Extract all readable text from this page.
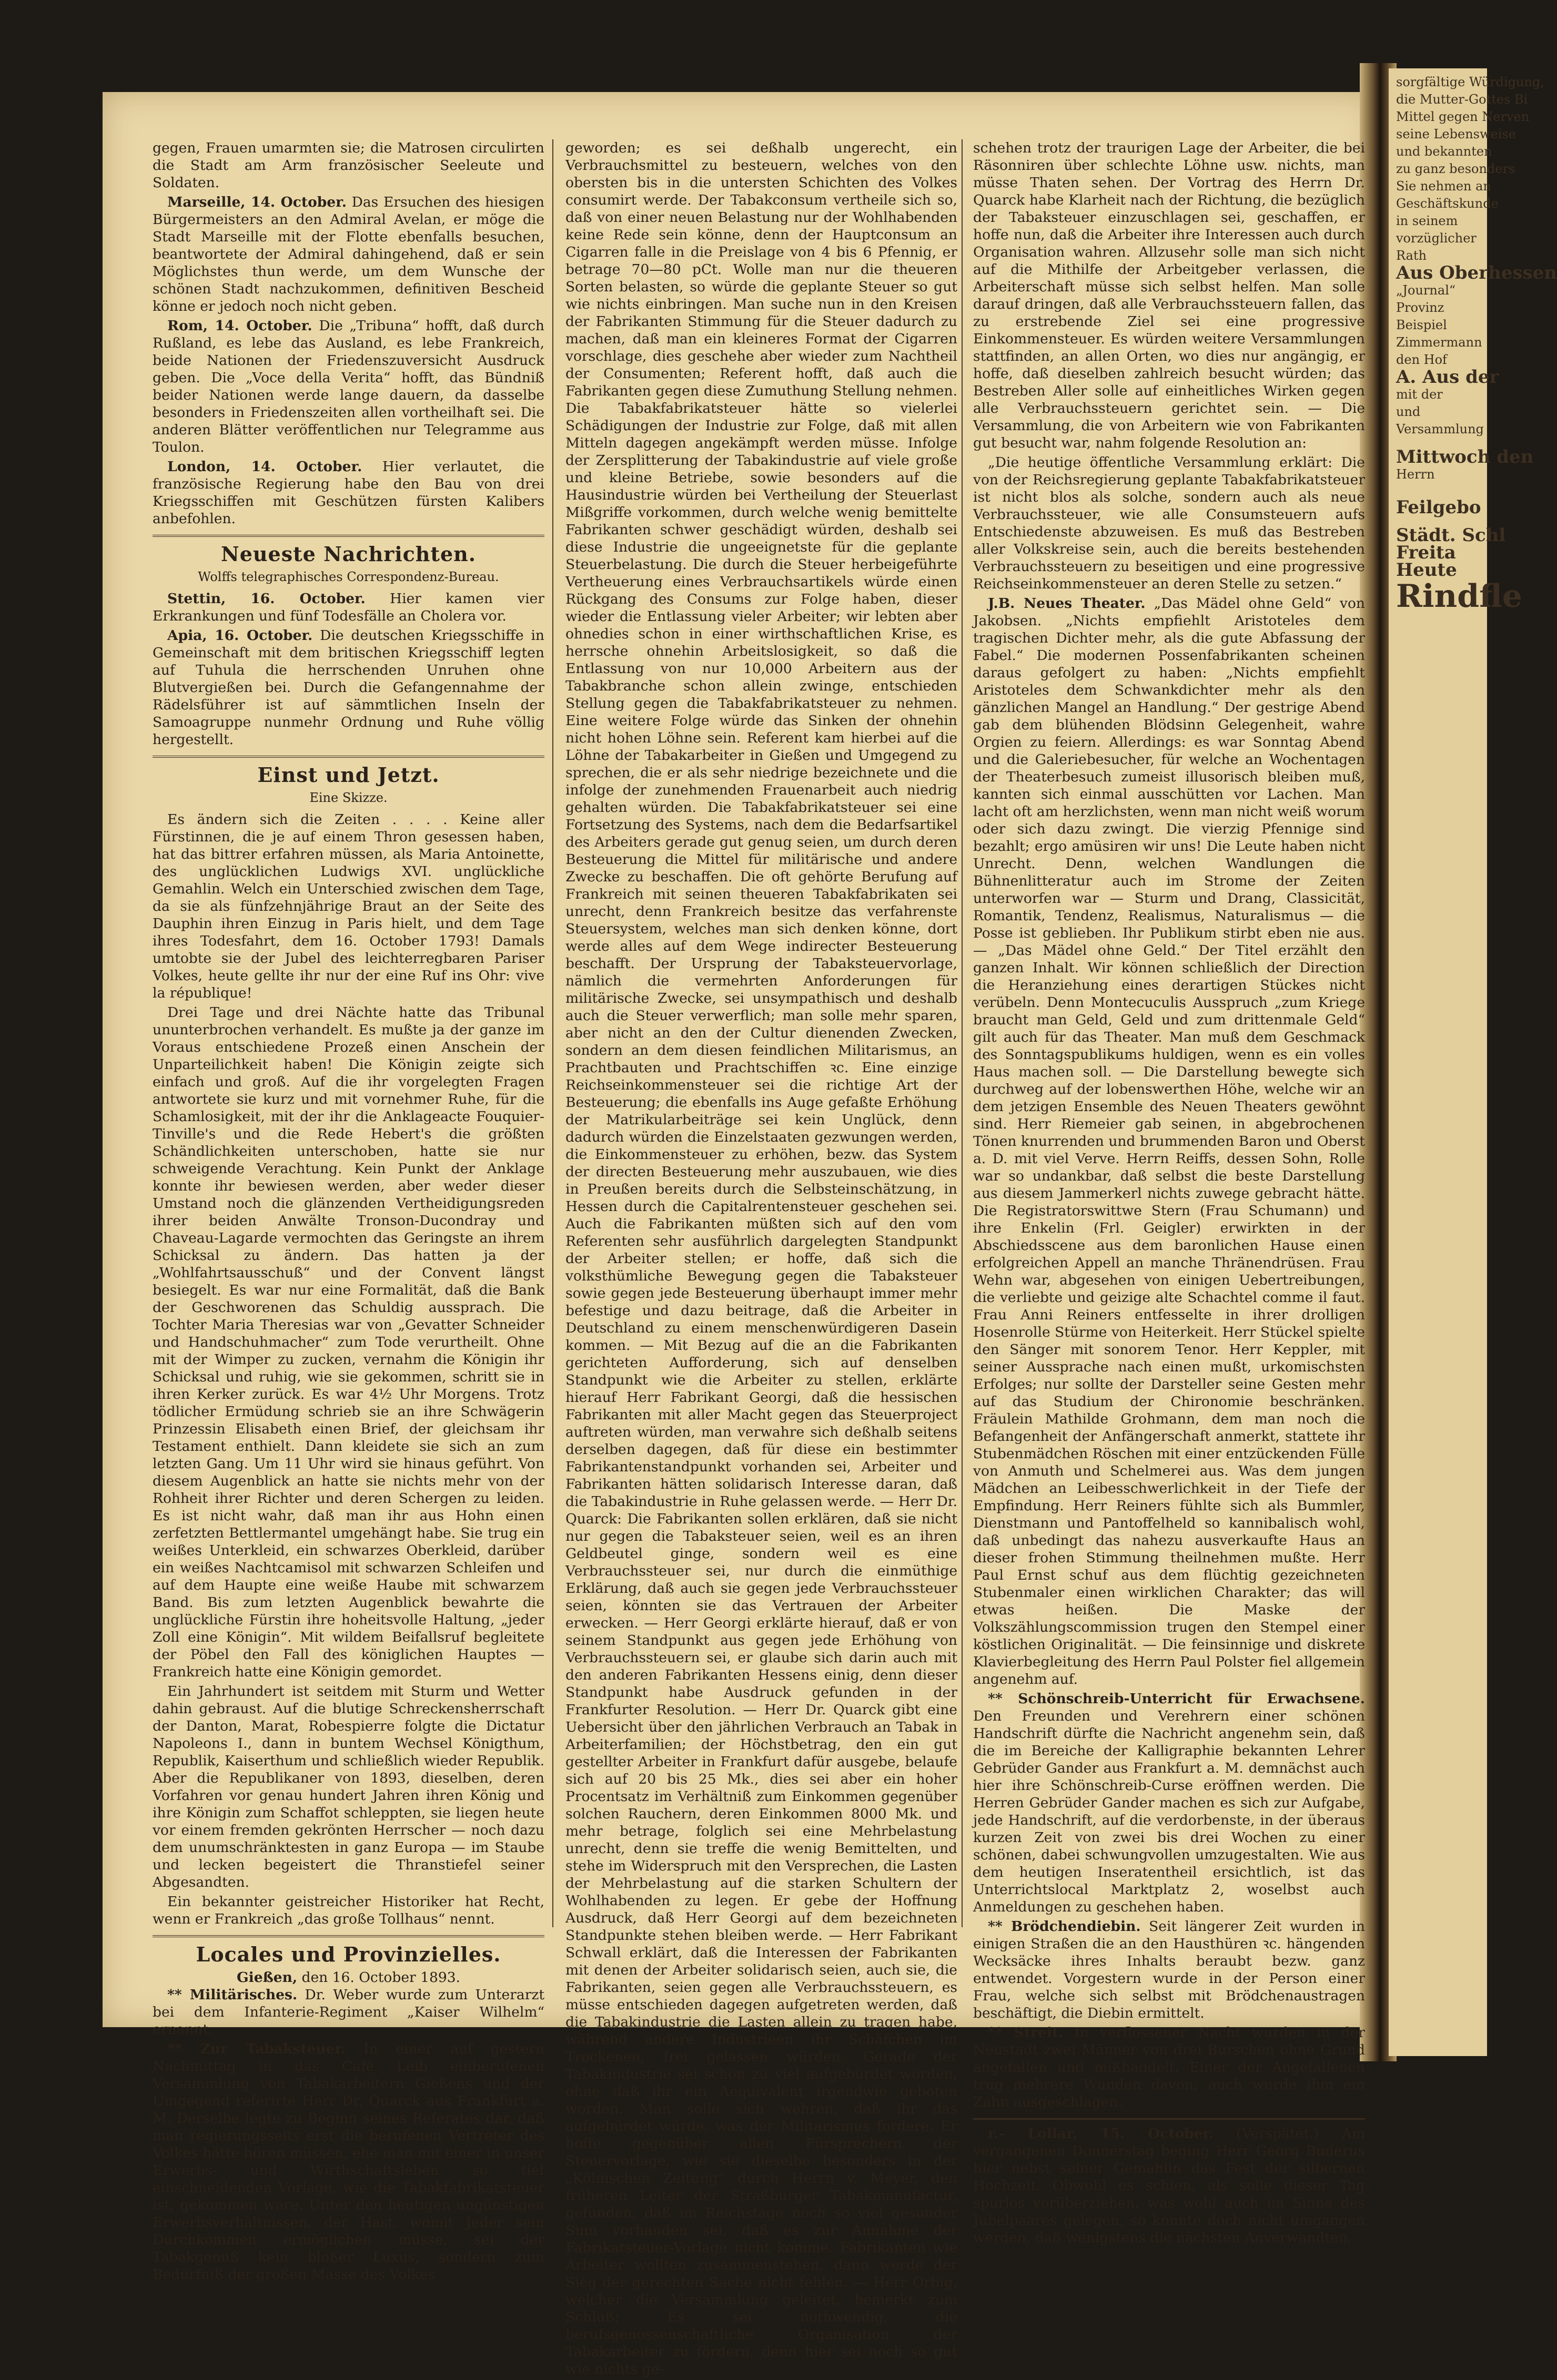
sorgfältige Würdigung,
die Mutter-Gottes Bi
Mittel gegen Nerven
seine Lebensweise
und bekannten
zu ganz besonders
Sie nehmen an
Geschäftskunde
in seinem
vorzüglicher
Rath
Aus Oberhessen
„Journal“
Provinz
Beispiel
Zimmermann
den Hof
A. Aus der
mit der
und
Versammlung
Mittwoch den
Herrn
Feilgebo
Städt. Schl
Freita
Heute
Rindfle

gegen, Frauen umarmten sie; die Matrosen circulirten die Stadt am Arm französischer Seeleute und Soldaten.

Marseille, 14. October. Das Ersuchen des hiesigen Bürgermeisters an den Admiral Avelan, er möge die Stadt Marseille mit der Flotte ebenfalls besuchen, beantwortete der Admiral dahingehend, daß er sein Möglichstes thun werde, um dem Wunsche der schönen Stadt nachzukommen, definitiven Bescheid könne er jedoch noch nicht geben.

Rom, 14. October. Die „Tribuna“ hofft, daß durch Rußland, es lebe das Ausland, es lebe Frankreich, beide Nationen der Friedenszuversicht Ausdruck geben. Die „Voce della Verita“ hofft, das Bündniß beider Nationen werde lange dauern, da dasselbe besonders in Friedenszeiten allen vortheilhaft sei. Die anderen Blätter veröffentlichen nur Telegramme aus Toulon.

London, 14. October. Hier verlautet, die französische Regierung habe den Bau von drei Kriegsschiffen mit Geschützen fürsten Kalibers anbefohlen.

Neueste Nachrichten.
Wolffs telegraphisches Correspondenz-Bureau.

Stettin, 16. October. Hier kamen vier Erkrankungen und fünf Todesfälle an Cholera vor.

Apia, 16. October. Die deutschen Kriegsschiffe in Gemeinschaft mit dem britischen Kriegsschiff legten auf Tuhula die herrschenden Unruhen ohne Blutvergießen bei. Durch die Gefangennahme der Rädelsführer ist auf sämmtlichen Inseln der Samoagruppe nunmehr Ordnung und Ruhe völlig hergestellt.

Einst und Jetzt.
Eine Skizze.

Es ändern sich die Zeiten . . . . Keine aller Fürstinnen, die je auf einem Thron gesessen haben, hat das bittrer erfahren müssen, als Maria Antoinette, des unglücklichen Ludwigs XVI. unglückliche Gemahlin. Welch ein Unterschied zwischen dem Tage, da sie als fünfzehnjährige Braut an der Seite des Dauphin ihren Einzug in Paris hielt, und dem Tage ihres Todesfahrt, dem 16. October 1793! Damals umtobte sie der Jubel des leichterregbaren Pariser Volkes, heute gellte ihr nur der eine Ruf ins Ohr: vive la république!

Drei Tage und drei Nächte hatte das Tribunal ununterbrochen verhandelt. Es mußte ja der ganze im Voraus entschiedene Prozeß einen Anschein der Unparteilichkeit haben! Die Königin zeigte sich einfach und groß. Auf die ihr vorgelegten Fragen antwortete sie kurz und mit vornehmer Ruhe, für die Schamlosigkeit, mit der ihr die Anklageacte Fouquier-Tinville's und die Rede Hebert's die größten Schändlichkeiten unterschoben, hatte sie nur schweigende Verachtung. Kein Punkt der Anklage konnte ihr bewiesen werden, aber weder dieser Umstand noch die glänzenden Vertheidigungsreden ihrer beiden Anwälte Tronson-Ducondray und Chaveau-Lagarde vermochten das Geringste an ihrem Schicksal zu ändern. Das hatten ja der „Wohlfahrtsausschuß“ und der Convent längst besiegelt. Es war nur eine Formalität, daß die Bank der Geschworenen das Schuldig aussprach. Die Tochter Maria Theresias war von „Gevatter Schneider und Handschuhmacher“ zum Tode verurtheilt. Ohne mit der Wimper zu zucken, vernahm die Königin ihr Schicksal und ruhig, wie sie gekommen, schritt sie in ihren Kerker zurück. Es war 4½ Uhr Morgens. Trotz tödlicher Ermüdung schrieb sie an ihre Schwägerin Prinzessin Elisabeth einen Brief, der gleichsam ihr Testament enthielt. Dann kleidete sie sich an zum letzten Gang. Um 11 Uhr wird sie hinaus geführt. Von diesem Augenblick an hatte sie nichts mehr von der Rohheit ihrer Richter und deren Schergen zu leiden. Es ist nicht wahr, daß man ihr aus Hohn einen zerfetzten Bettlermantel umgehängt habe. Sie trug ein weißes Unterkleid, ein schwarzes Oberkleid, darüber ein weißes Nachtcamisol mit schwarzen Schleifen und auf dem Haupte eine weiße Haube mit schwarzem Band. Bis zum letzten Augenblick bewahrte die unglückliche Fürstin ihre hoheitsvolle Haltung, „jeder Zoll eine Königin“. Mit wildem Beifallsruf begleitete der Pöbel den Fall des königlichen Hauptes — Frankreich hatte eine Königin gemordet.

Ein Jahrhundert ist seitdem mit Sturm und Wetter dahin gebraust. Auf die blutige Schreckensherrschaft der Danton, Marat, Robespierre folgte die Dictatur Napoleons I., dann in buntem Wechsel Königthum, Republik, Kaiserthum und schließlich wieder Republik. Aber die Republikaner von 1893, dieselben, deren Vorfahren vor genau hundert Jahren ihren König und ihre Königin zum Schaffot schleppten, sie liegen heute vor einem fremden gekrönten Herrscher — noch dazu dem unumschränktesten in ganz Europa — im Staube und lecken begeistert die Thranstiefel seiner Abgesandten.

Ein bekannter geistreicher Historiker hat Recht, wenn er Frankreich „das große Tollhaus“ nennt.

Locales und Provinzielles.
Gießen, den 16. October 1893.

** Militärisches. Dr. Weber wurde zum Unterarzt bei dem Infanterie-Regiment „Kaiser Wilhelm“ ernannt.

** Zur Tabaksteuer. In einer auf gestern Nachmittag in das Café Leib einberufenen Versammlung von Tabakarbeitern Gießens und der Umgegend referirte Herr Dr. Quarck aus Frankfurt a. M. Derselbe legte zu Beginn seines Referates dar, daß man regierungsseits erst die berufenen Vertreter des Volkes hätte hören müssen, ehe man mit einer in unser Erwerbs- und Wirthschaftsleben so tief einschneidenden Vorlage, wie die Tabakfabrikatsteuer ist, gekommen wäre. Unter den heutigen ungünstigen Erwerbsverhältnissen, der Hast, womit Jeder sein Durchkommen ermöglichen müsse, sei der Tabakgenuß kein bloßer Luxus, sondern zum Bedürfniß der großen Masse des Volkes

geworden; es sei deßhalb ungerecht, ein Verbrauchsmittel zu besteuern, welches von den obersten bis in die untersten Schichten des Volkes consumirt werde. Der Tabakconsum vertheile sich so, daß von einer neuen Belastung nur der Wohlhabenden keine Rede sein könne, denn der Hauptconsum an Cigarren falle in die Preislage von 4 bis 6 Pfennig, er betrage 70—80 pCt. Wolle man nur die theueren Sorten belasten, so würde die geplante Steuer so gut wie nichts einbringen. Man suche nun in den Kreisen der Fabrikanten Stimmung für die Steuer dadurch zu machen, daß man ein kleineres Format der Cigarren vorschlage, dies geschehe aber wieder zum Nachtheil der Consumenten; Referent hofft, daß auch die Fabrikanten gegen diese Zumuthung Stellung nehmen. Die Tabakfabrikatsteuer hätte so vielerlei Schädigungen der Industrie zur Folge, daß mit allen Mitteln dagegen angekämpft werden müsse. Infolge der Zersplitterung der Tabakindustrie auf viele große und kleine Betriebe, sowie besonders auf die Hausindustrie würden bei Vertheilung der Steuerlast Mißgriffe vorkommen, durch welche wenig bemittelte Fabrikanten schwer geschädigt würden, deshalb sei diese Industrie die ungeeignetste für die geplante Steuerbelastung. Die durch die Steuer herbeigeführte Vertheuerung eines Verbrauchsartikels würde einen Rückgang des Consums zur Folge haben, dieser wieder die Entlassung vieler Arbeiter; wir lebten aber ohnedies schon in einer wirthschaftlichen Krise, es herrsche ohnehin Arbeitslosigkeit, so daß die Entlassung von nur 10,000 Arbeitern aus der Tabakbranche schon allein zwinge, entschieden Stellung gegen die Tabakfabrikatsteuer zu nehmen. Eine weitere Folge würde das Sinken der ohnehin nicht hohen Löhne sein. Referent kam hierbei auf die Löhne der Tabakarbeiter in Gießen und Umgegend zu sprechen, die er als sehr niedrige bezeichnete und die infolge der zunehmenden Frauenarbeit auch niedrig gehalten würden. Die Tabakfabrikatsteuer sei eine Fortsetzung des Systems, nach dem die Bedarfsartikel des Arbeiters gerade gut genug seien, um durch deren Besteuerung die Mittel für militärische und andere Zwecke zu beschaffen. Die oft gehörte Berufung auf Frankreich mit seinen theueren Tabakfabrikaten sei unrecht, denn Frankreich besitze das verfahrenste Steuersystem, welches man sich denken könne, dort werde alles auf dem Wege indirecter Besteuerung beschafft. Der Ursprung der Tabaksteuervorlage, nämlich die vermehrten Anforderungen für militärische Zwecke, sei unsympathisch und deshalb auch die Steuer verwerflich; man solle mehr sparen, aber nicht an den der Cultur dienenden Zwecken, sondern an dem diesen feindlichen Militarismus, an Prachtbauten und Prachtschiffen ꝛc. Eine einzige Reichseinkommensteuer sei die richtige Art der Besteuerung; die ebenfalls ins Auge gefaßte Erhöhung der Matrikularbeiträge sei kein Unglück, denn dadurch würden die Einzelstaaten gezwungen werden, die Einkommensteuer zu erhöhen, bezw. das System der directen Besteuerung mehr auszubauen, wie dies in Preußen bereits durch die Selbsteinschätzung, in Hessen durch die Capitalrentensteuer geschehen sei. Auch die Fabrikanten müßten sich auf den vom Referenten sehr ausführlich dargelegten Standpunkt der Arbeiter stellen; er hoffe, daß sich die volksthümliche Bewegung gegen die Tabaksteuer sowie gegen jede Besteuerung überhaupt immer mehr befestige und dazu beitrage, daß die Arbeiter in Deutschland zu einem menschenwürdigeren Dasein kommen. — Mit Bezug auf die an die Fabrikanten gerichteten Aufforderung, sich auf denselben Standpunkt wie die Arbeiter zu stellen, erklärte hierauf Herr Fabrikant Georgi, daß die hessischen Fabrikanten mit aller Macht gegen das Steuerproject auftreten würden, man verwahre sich deßhalb seitens derselben dagegen, daß für diese ein bestimmter Fabrikantenstandpunkt vorhanden sei, Arbeiter und Fabrikanten hätten solidarisch Interesse daran, daß die Tabakindustrie in Ruhe gelassen werde. — Herr Dr. Quarck: Die Fabrikanten sollen erklären, daß sie nicht nur gegen die Tabaksteuer seien, weil es an ihren Geldbeutel ginge, sondern weil es eine Verbrauchssteuer sei, nur durch die einmüthige Erklärung, daß auch sie gegen jede Verbrauchssteuer seien, könnten sie das Vertrauen der Arbeiter erwecken. — Herr Georgi erklärte hierauf, daß er von seinem Standpunkt aus gegen jede Erhöhung von Verbrauchssteuern sei, er glaube sich darin auch mit den anderen Fabrikanten Hessens einig, denn dieser Standpunkt habe Ausdruck gefunden in der Frankfurter Resolution. — Herr Dr. Quarck gibt eine Uebersicht über den jährlichen Verbrauch an Tabak in Arbeiterfamilien; der Höchstbetrag, den ein gut gestellter Arbeiter in Frankfurt dafür ausgebe, belaufe sich auf 20 bis 25 Mk., dies sei aber ein hoher Procentsatz im Verhältniß zum Einkommen gegenüber solchen Rauchern, deren Einkommen 8000 Mk. und mehr betrage, folglich sei eine Mehrbelastung unrecht, denn sie treffe die wenig Bemittelten, und stehe im Widerspruch mit den Versprechen, die Lasten der Mehrbelastung auf die starken Schultern der Wohlhabenden zu legen. Er gebe der Hoffnung Ausdruck, daß Herr Georgi auf dem bezeichneten Standpunkte stehen bleiben werde. — Herr Fabrikant Schwall erklärt, daß die Interessen der Fabrikanten mit denen der Arbeiter solidarisch seien, auch sie, die Fabrikanten, seien gegen alle Verbrauchssteuern, es müsse entschieden dagegen aufgetreten werden, daß die Tabakindustrie die Lasten allein zu tragen habe, während andere Industrieen ihr Schäfchen im Trockenen, frei gelassen würden. Gerade der Tabakindustrie sei schon zu viel aufgebürdet worden, ohne daß ihr ein Aequivalent irgendwie geboten worden. Man solle sich wehren, daß ihr das aufgebürdet würde, was der Militarismus fordere. Er hoffe gegenüber allen Fürsprechern der Steuervorlage, wie sie dieselbe besonders in der „Kölnischen Zeitung“ durch Herrn v. Meyer, den früheren Leiter der Straßburger Tabakmanufactur, gefunden, daß im Reichstage noch so viel gesunder Sinn vorhanden sei, daß es zur Annahme der Fabrikatsteuer-Vorlage nicht komme. Fabrikanten wie Arbeiter wollten zusammenstehen, dann werde der Sieg der gerechten Sache nicht fehlen. — Herr Orbig, welcher die Versammlung geleitet, bemerkt zum Schluß: Es sei nothwendig, die berufsgenossenschaftliche Organisation der Tabakarbeiter zu fördern, denn hier sei noch so gut wie nichts ge-

schehen trotz der traurigen Lage der Arbeiter, die bei Räsonniren über schlechte Löhne usw. nichts, man müsse Thaten sehen. Der Vortrag des Herrn Dr. Quarck habe Klarheit nach der Richtung, die bezüglich der Tabaksteuer einzuschlagen sei, geschaffen, er hoffe nun, daß die Arbeiter ihre Interessen auch durch Organisation wahren. Allzusehr solle man sich nicht auf die Mithilfe der Arbeitgeber verlassen, die Arbeiterschaft müsse sich selbst helfen. Man solle darauf dringen, daß alle Verbrauchssteuern fallen, das zu erstrebende Ziel sei eine progressive Einkommensteuer. Es würden weitere Versammlungen stattfinden, an allen Orten, wo dies nur angängig, er hoffe, daß dieselben zahlreich besucht würden; das Bestreben Aller solle auf einheitliches Wirken gegen alle Verbrauchssteuern gerichtet sein. — Die Versammlung, die von Arbeitern wie von Fabrikanten gut besucht war, nahm folgende Resolution an:

„Die heutige öffentliche Versammlung erklärt: Die von der Reichsregierung geplante Tabakfabrikatsteuer ist nicht blos als solche, sondern auch als neue Verbrauchssteuer, wie alle Consumsteuern aufs Entschiedenste abzuweisen. Es muß das Bestreben aller Volkskreise sein, auch die bereits bestehenden Verbrauchssteuern zu beseitigen und eine progressive Reichseinkommensteuer an deren Stelle zu setzen.“

J.B. Neues Theater. „Das Mädel ohne Geld“ von Jakobsen. „Nichts empfiehlt Aristoteles dem tragischen Dichter mehr, als die gute Abfassung der Fabel.“ Die modernen Possenfabrikanten scheinen daraus gefolgert zu haben: „Nichts empfiehlt Aristoteles dem Schwankdichter mehr als den gänzlichen Mangel an Handlung.“ Der gestrige Abend gab dem blühenden Blödsinn Gelegenheit, wahre Orgien zu feiern. Allerdings: es war Sonntag Abend und die Galeriebesucher, für welche an Wochentagen der Theaterbesuch zumeist illusorisch bleiben muß, kannten sich einmal ausschütten vor Lachen. Man lacht oft am herzlichsten, wenn man nicht weiß worum oder sich dazu zwingt. Die vierzig Pfennige sind bezahlt; ergo amüsiren wir uns! Die Leute haben nicht Unrecht. Denn, welchen Wandlungen die Bühnenlitteratur auch im Strome der Zeiten unterworfen war — Sturm und Drang, Classicität, Romantik, Tendenz, Realismus, Naturalismus — die Posse ist geblieben. Ihr Publikum stirbt eben nie aus. — „Das Mädel ohne Geld.“ Der Titel erzählt den ganzen Inhalt. Wir können schließlich der Direction die Heranziehung eines derartigen Stückes nicht verübeln. Denn Montecuculis Ausspruch „zum Kriege braucht man Geld, Geld und zum drittenmale Geld“ gilt auch für das Theater. Man muß dem Geschmack des Sonntagspublikums huldigen, wenn es ein volles Haus machen soll. — Die Darstellung bewegte sich durchweg auf der lobenswerthen Höhe, welche wir an dem jetzigen Ensemble des Neuen Theaters gewöhnt sind. Herr Riemeier gab seinen, in abgebrochenen Tönen knurrenden und brummenden Baron und Oberst a. D. mit viel Verve. Herrn Reiffs, dessen Sohn, Rolle war so undankbar, daß selbst die beste Darstellung aus diesem Jammerkerl nichts zuwege gebracht hätte. Die Registratorswittwe Stern (Frau Schumann) und ihre Enkelin (Frl. Geigler) erwirkten in der Abschiedsscene aus dem baronlichen Hause einen erfolgreichen Appell an manche Thränendrüsen. Frau Wehn war, abgesehen von einigen Uebertreibungen, die verliebte und geizige alte Schachtel comme il faut. Frau Anni Reiners entfesselte in ihrer drolligen Hosenrolle Stürme von Heiterkeit. Herr Stückel spielte den Sänger mit sonorem Tenor. Herr Keppler, mit seiner Aussprache nach einen mußt, urkomischsten Erfolges; nur sollte der Darsteller seine Gesten mehr auf das Studium der Chironomie beschränken. Fräulein Mathilde Grohmann, dem man noch die Befangenheit der Anfängerschaft anmerkt, stattete ihr Stubenmädchen Röschen mit einer entzückenden Fülle von Anmuth und Schelmerei aus. Was dem jungen Mädchen an Leibesschwerlichkeit in der Tiefe der Empfindung. Herr Reiners fühlte sich als Bummler, Dienstmann und Pantoffelheld so kannibalisch wohl, daß unbedingt das nahezu ausverkaufte Haus an dieser frohen Stimmung theilnehmen mußte. Herr Paul Ernst schuf aus dem flüchtig gezeichneten Stubenmaler einen wirklichen Charakter; das will etwas heißen. Die Maske der Volkszählungscommission trugen den Stempel einer köstlichen Originalität. — Die feinsinnige und diskrete Klavierbegleitung des Herrn Paul Polster fiel allgemein angenehm auf.

** Schönschreib-Unterricht für Erwachsene. Den Freunden und Verehrern einer schönen Handschrift dürfte die Nachricht angenehm sein, daß die im Bereiche der Kalligraphie bekannten Lehrer Gebrüder Gander aus Frankfurt a. M. demnächst auch hier ihre Schönschreib-Curse eröffnen werden. Die Herren Gebrüder Gander machen es sich zur Aufgabe, jede Handschrift, auf die verdorbenste, in der überaus kurzen Zeit von zwei bis drei Wochen zu einer schönen, dabei schwungvollen umzugestalten. Wie aus dem heutigen Inseratentheil ersichtlich, ist das Unterrichtslocal Marktplatz 2, woselbst auch Anmeldungen zu geschehen haben.

** Brödchendiebin. Seit längerer Zeit wurden in einigen Straßen die an den Hausthüren ꝛc. hängenden Wecksäcke ihres Inhalts beraubt bezw. ganz entwendet. Vorgestern wurde in der Person einer Frau, welche sich selbst mit Brödchenaustragen beschäftigt, die Diebin ermittelt.

** Streit. In verflossener Nacht wurden in der Neustadt zwei Männer von drei Burschen ohne Grund angefallen und mißhandelt. Einer der Angefallenen trug mehrere Wunden davon; auch wurde ihm ein Zahn ausgeschlagen.

r.- Lollar, 15. October. (Verspätet.) Am vergangenen Donnerstag beging Herr Georg Buderus hier nebst seiner Gemahlin das Fest der silbernen Hochzeit. Obwohl es schien, als solle dieser Tag spurlos vorüberziehen, was wohl auch im Sinne des Jubelpaares gelegen, so konnte doch nicht umgangen werden, daß wenigstens die nächsten Anverwandten,
